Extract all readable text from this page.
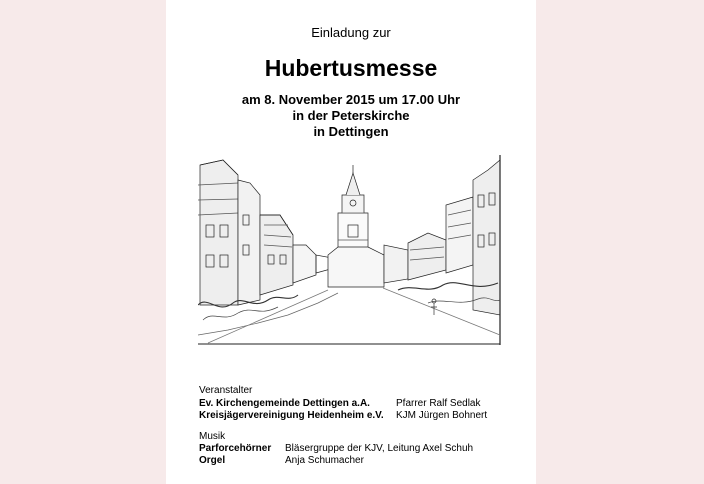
Einladung zur
Hubertusmesse
am 8. November 2015 um 17.00 Uhr
in der Peterskirche
in Dettingen
Veranstalter
Ev. Kirchengemeinde Dettingen a.A.	Pfarrer Ralf Sedlak
Kreisjägervereinigung Heidenheim e.V. KJM Jürgen Bohnert
Musik
Parforcehörner Bläsergruppe der KJV, Leitung Axel Schuh
Orgel	Anja Schumacher
